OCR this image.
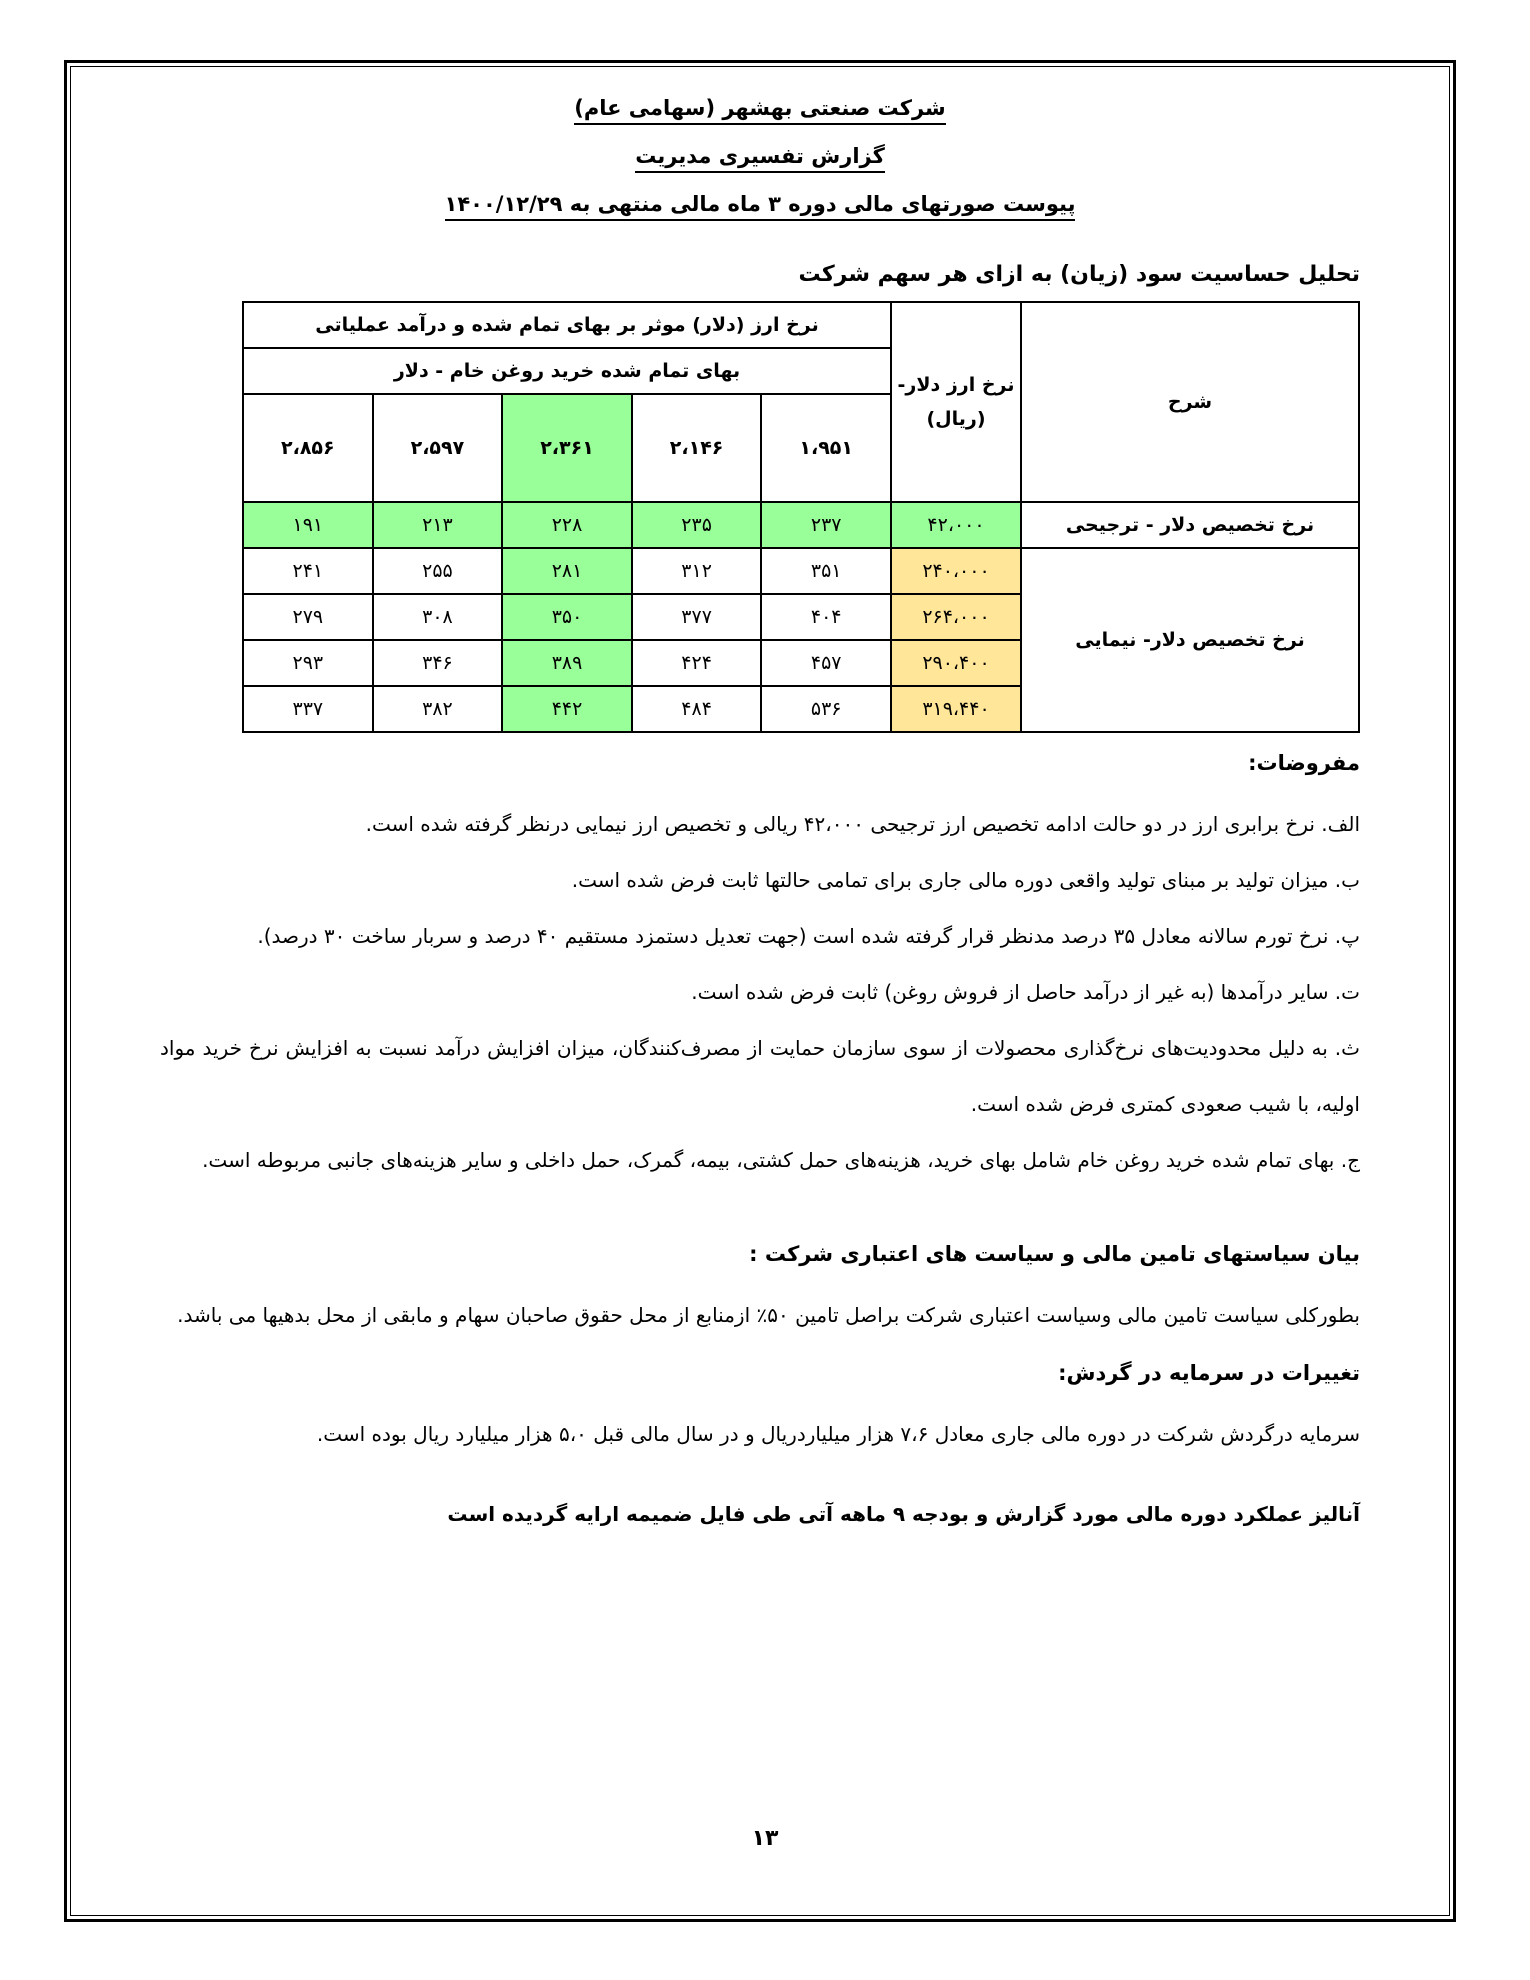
شرکت صنعتی بهشهر (سهامی عام)

گزارش تفسیری مدیریت

پیوست صورتهای مالی دوره ۳ ماه مالی منتهی به ۱۴۰۰/۱۲/۲۹

تحلیل حساسیت سود (زیان) به ازای هر سهم شرکت

شرح	نرخ ارز دلار-(ریال)	نرخ ارز (دلار) موثر بر بهای تمام شده و درآمد عملیاتی				
		بهای تمام شده خرید روغن خام - دلار				
		۱،۹۵۱	۲،۱۴۶	۲،۳۶۱	۲،۵۹۷	۲،۸۵۶
نرخ تخصیص دلار - ترجیحی	۴۲،۰۰۰	۲۳۷	۲۳۵	۲۲۸	۲۱۳	۱۹۱
نرخ تخصیص دلار- نیمایی	۲۴۰،۰۰۰	۳۵۱	۳۱۲	۲۸۱	۲۵۵	۲۴۱
	۲۶۴،۰۰۰	۴۰۴	۳۷۷	۳۵۰	۳۰۸	۲۷۹
	۲۹۰،۴۰۰	۴۵۷	۴۲۴	۳۸۹	۳۴۶	۲۹۳
	۳۱۹،۴۴۰	۵۳۶	۴۸۴	۴۴۲	۳۸۲	۳۳۷

مفروضات:

الف. نرخ برابری ارز در دو حالت ادامه تخصیص ارز ترجیحی ۴۲،۰۰۰ ریالی و تخصیص ارز نیمایی درنظر گرفته شده است.

ب. میزان تولید بر مبنای تولید واقعی دوره مالی جاری برای تمامی حالتها ثابت فرض شده است.

پ. نرخ تورم سالانه معادل ۳۵ درصد مدنظر قرار گرفته شده است (جهت تعدیل دستمزد مستقیم ۴۰ درصد و سربار ساخت ۳۰ درصد).

ت. سایر درآمدها (به غیر از درآمد حاصل از فروش روغن) ثابت فرض شده است.

ث. به دلیل محدودیت‌های نرخ‌گذاری محصولات از سوی سازمان حمایت از مصرف‌کنندگان، میزان افزایش درآمد نسبت به افزایش نرخ خرید مواد اولیه، با شیب صعودی کمتری فرض شده است.

ج. بهای تمام شده خرید روغن خام شامل بهای خرید، هزینه‌های حمل کشتی، بیمه، گمرک، حمل داخلی و سایر هزینه‌های جانبی مربوطه است.

بیان سیاستهای تامین مالی و سیاست های اعتباری شرکت :

بطورکلی سیاست تامین مالی وسیاست اعتباری شرکت براصل تامین ۵۰٪ ازمنابع از محل حقوق صاحبان سهام و مابقی از محل بدهیها می باشد.

تغییرات در سرمایه در گردش:

سرمایه درگردش شرکت در دوره مالی جاری معادل ۷،۶ هزار میلیاردریال و در سال مالی قبل ۵،۰ هزار میلیارد ریال بوده است.

آنالیز عملکرد دوره مالی مورد گزارش و بودجه ۹ ماهه آتی طی فایل ضمیمه ارایه گردیده است

۱۳
